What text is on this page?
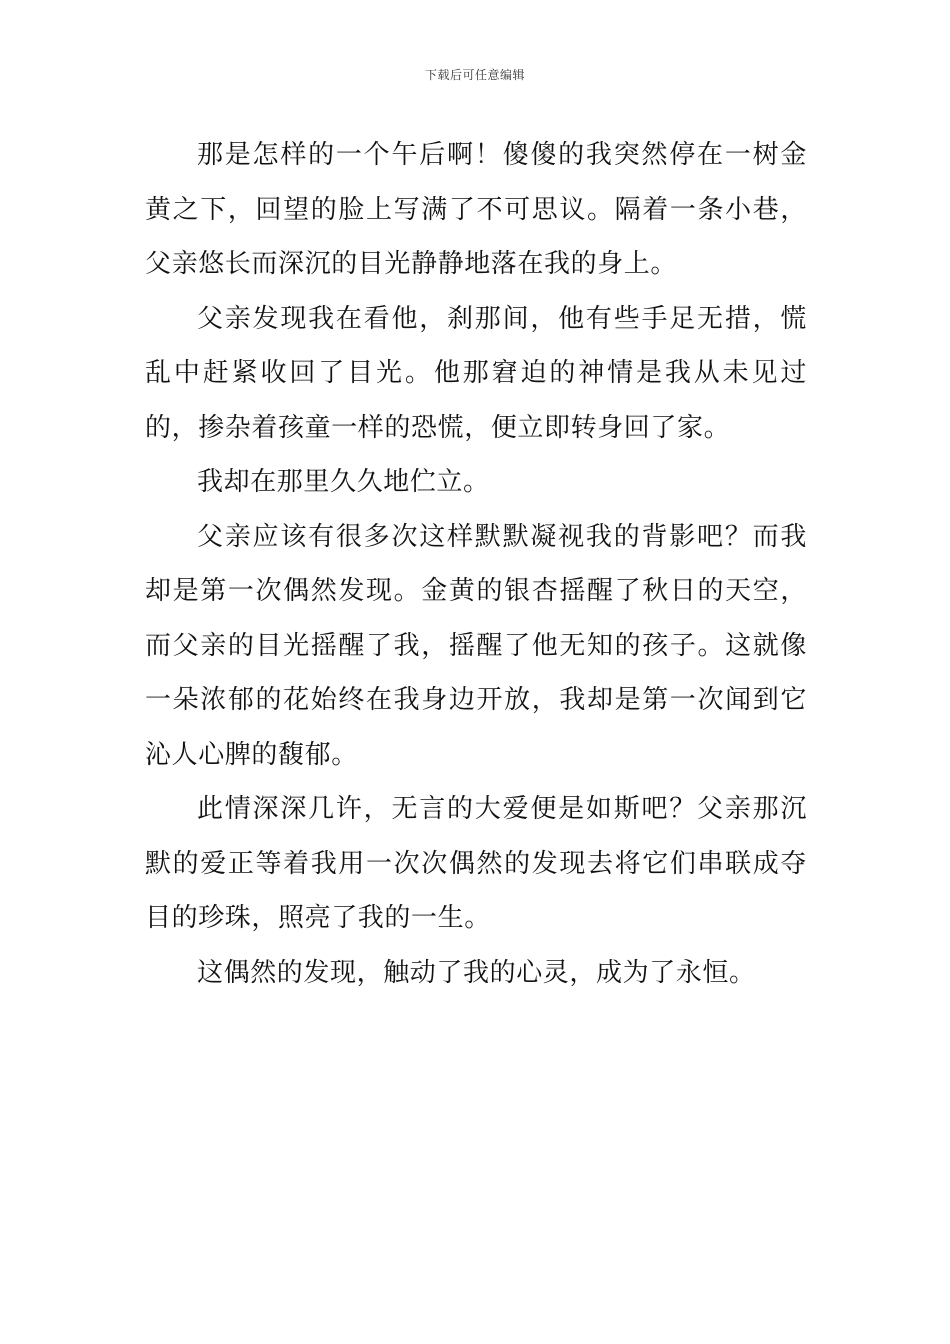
下载后可任意编辑

那是怎样的一个午后啊！傻傻的我突然停在一树金黄之下，回望的脸上写满了不可思议。隔着一条小巷，父亲悠长而深沉的目光静静地落在我的身上。

父亲发现我在看他，刹那间，他有些手足无措，慌乱中赶紧收回了目光。他那窘迫的神情是我从未见过的，掺杂着孩童一样的恐慌，便立即转身回了家。

我却在那里久久地伫立。

父亲应该有很多次这样默默凝视我的背影吧？而我却是第一次偶然发现。金黄的银杏摇醒了秋日的天空，而父亲的目光摇醒了我，摇醒了他无知的孩子。这就像一朵浓郁的花始终在我身边开放，我却是第一次闻到它沁人心脾的馥郁。

此情深深几许，无言的大爱便是如斯吧？父亲那沉默的爱正等着我用一次次偶然的发现去将它们串联成夺目的珍珠，照亮了我的一生。

这偶然的发现，触动了我的心灵，成为了永恒。
